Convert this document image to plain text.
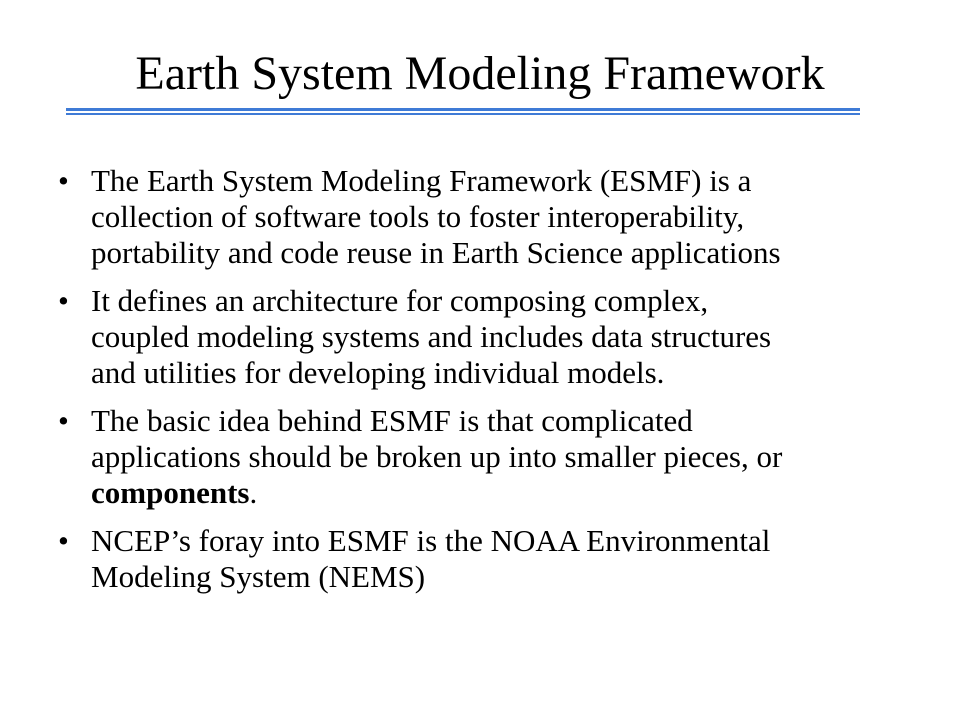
Earth System Modeling Framework
• The Earth System Modeling Framework (ESMF) is a
collection of software tools to foster interoperability,
portability and code reuse in Earth Science applications
• It defines an architecture for composing complex,
coupled modeling systems and includes data structures
and utilities for developing individual models.
• The basic idea behind ESMF is that complicated
applications should be broken up into smaller pieces, or
components.
• NCEP’s foray into ESMF is the NOAA Environmental
Modeling System (NEMS)
